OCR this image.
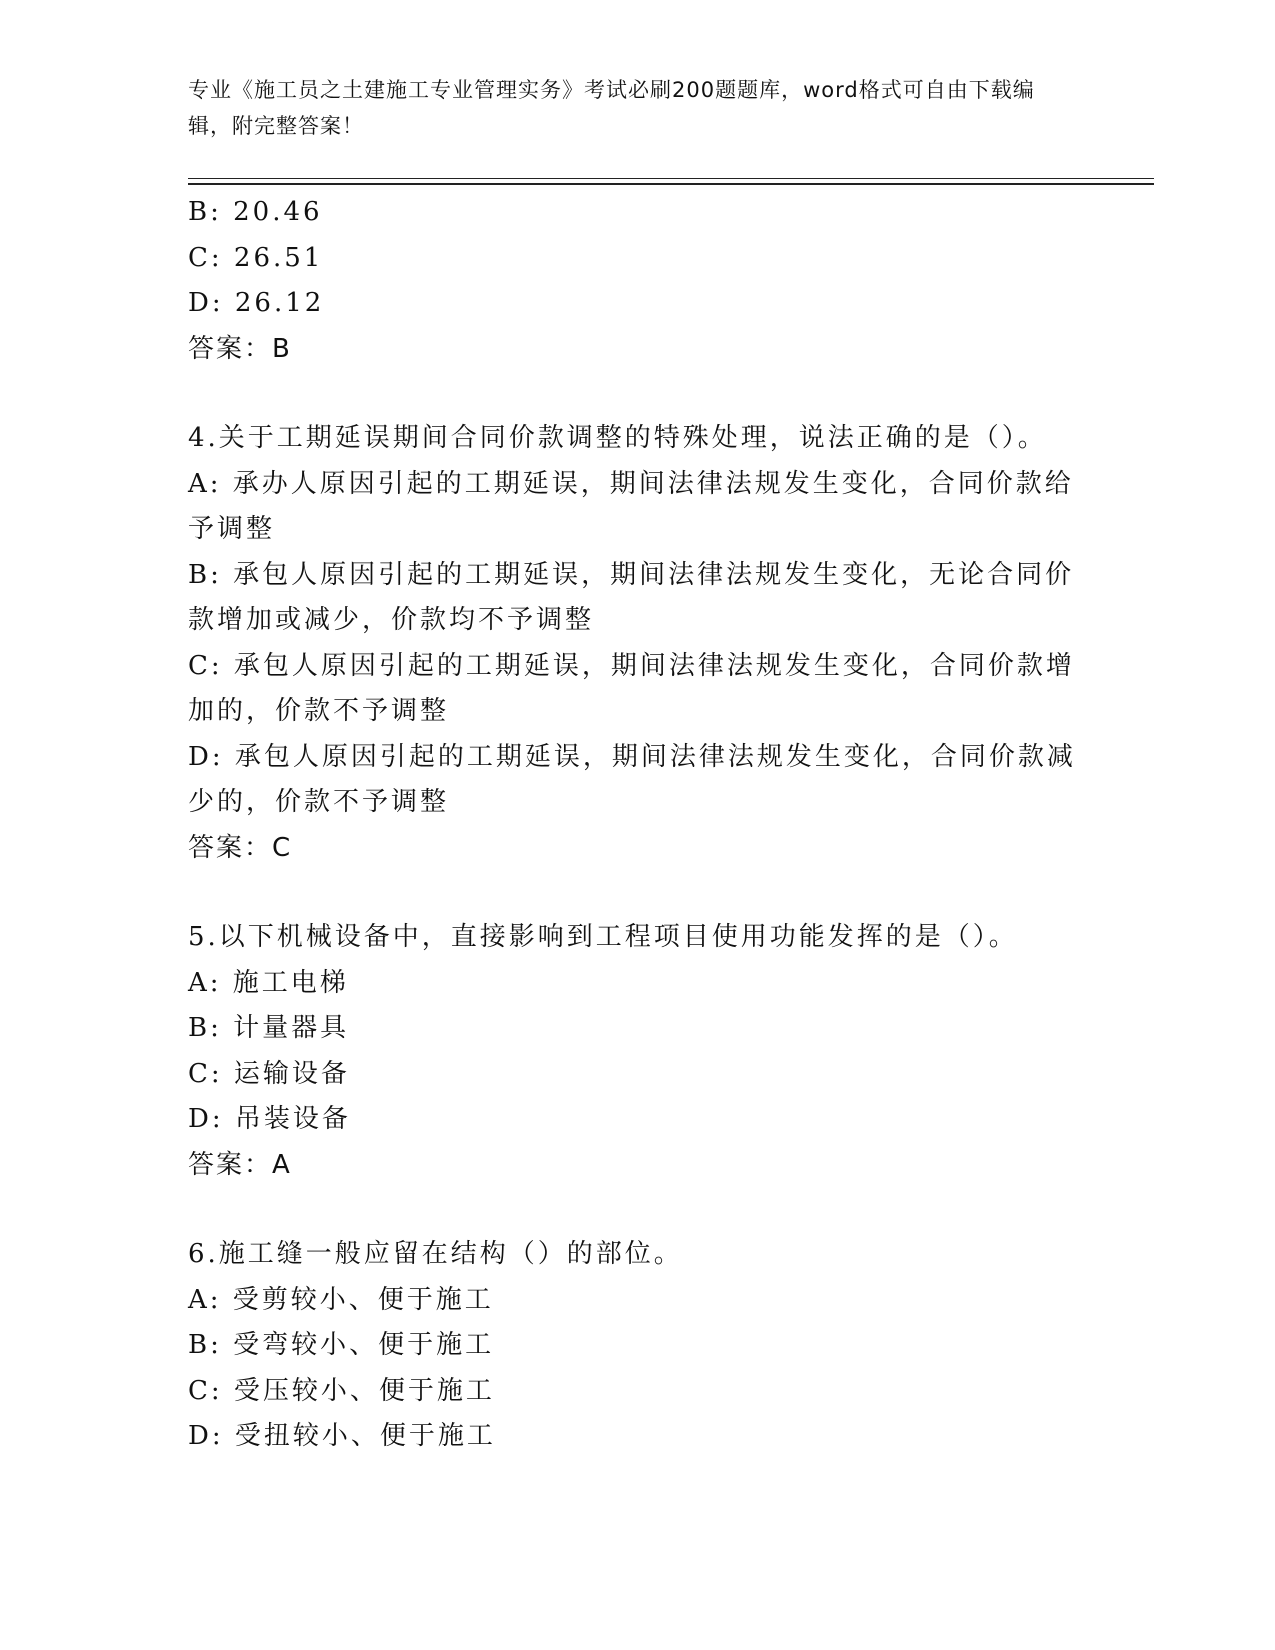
专业《施工员之土建施工专业管理实务》考试必刷200题题库，word格式可自由下载编辑，附完整答案！
B: 20.46
C: 26.51
D: 26.12
答案：B
4.关于工期延误期间合同价款调整的特殊处理，说法正确的是（）。
A: 承办人原因引起的工期延误，期间法律法规发生变化，合同价款给予调整
B: 承包人原因引起的工期延误，期间法律法规发生变化，无论合同价款增加或减少，价款均不予调整
C: 承包人原因引起的工期延误，期间法律法规发生变化，合同价款增加的，价款不予调整
D: 承包人原因引起的工期延误，期间法律法规发生变化，合同价款减少的，价款不予调整
答案：C
5.以下机械设备中，直接影响到工程项目使用功能发挥的是（）。
A: 施工电梯
B: 计量器具
C: 运输设备
D: 吊装设备
答案：A
6.施工缝一般应留在结构（）的部位。
A: 受剪较小、便于施工
B: 受弯较小、便于施工
C: 受压较小、便于施工
D: 受扭较小、便于施工
